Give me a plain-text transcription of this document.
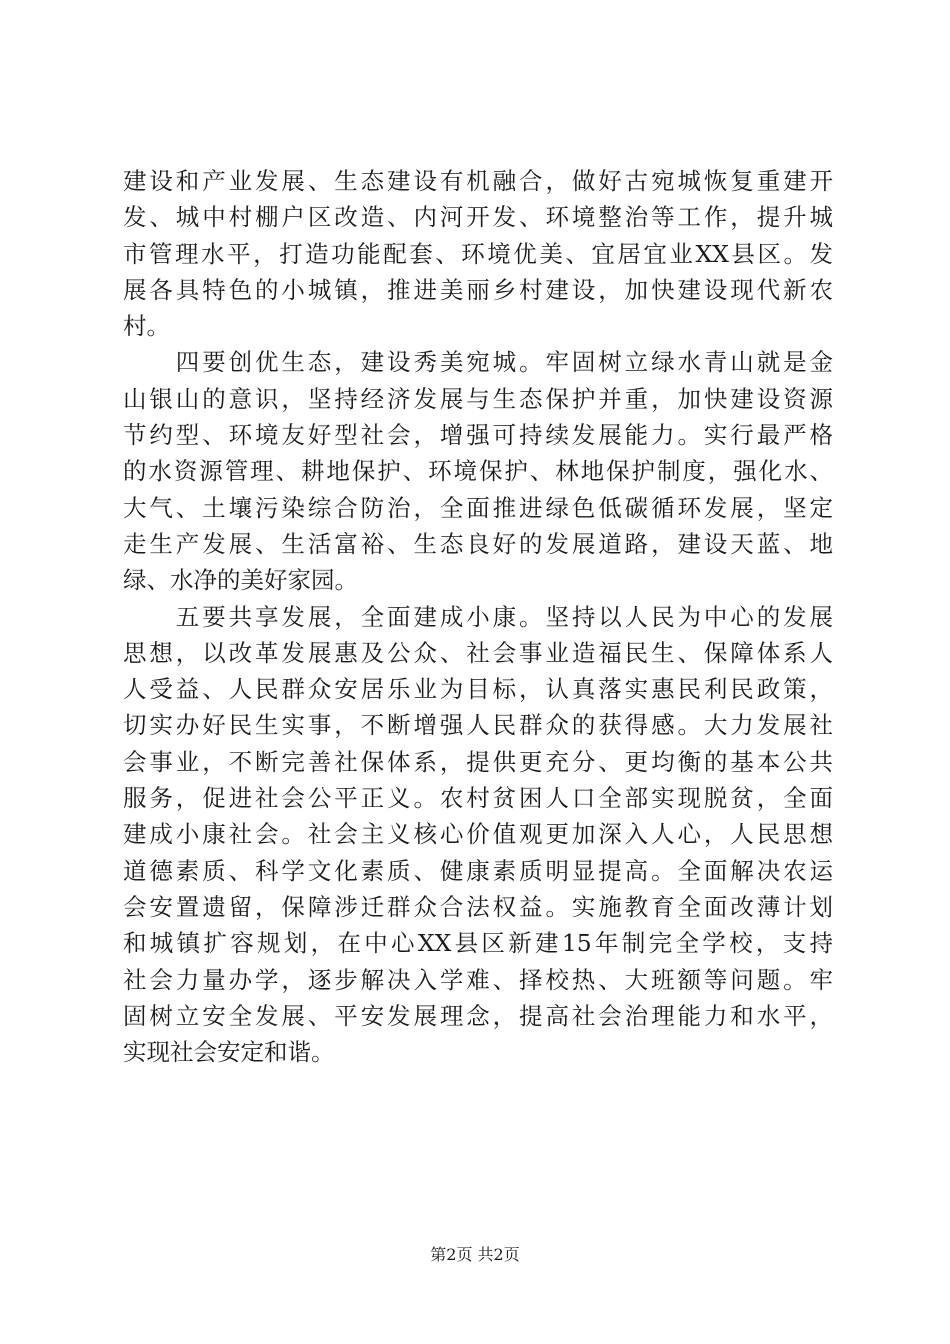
建设和产业发展、生态建设有机融合，做好古宛城恢复重建开
发、城中村棚户区改造、内河开发、环境整治等工作，提升城
市管理水平，打造功能配套、环境优美、宜居宜业XX县区。发
展各具特色的小城镇，推进美丽乡村建设，加快建设现代新农
村。
　　四要创优生态，建设秀美宛城。牢固树立绿水青山就是金
山银山的意识，坚持经济发展与生态保护并重，加快建设资源
节约型、环境友好型社会，增强可持续发展能力。实行最严格
的水资源管理、耕地保护、环境保护、林地保护制度，强化水、
大气、土壤污染综合防治，全面推进绿色低碳循环发展，坚定
走生产发展、生活富裕、生态良好的发展道路，建设天蓝、地
绿、水净的美好家园。
　　五要共享发展，全面建成小康。坚持以人民为中心的发展
思想，以改革发展惠及公众、社会事业造福民生、保障体系人
人受益、人民群众安居乐业为目标，认真落实惠民利民政策，
切实办好民生实事，不断增强人民群众的获得感。大力发展社
会事业，不断完善社保体系，提供更充分、更均衡的基本公共
服务，促进社会公平正义。农村贫困人口全部实现脱贫，全面
建成小康社会。社会主义核心价值观更加深入人心，人民思想
道德素质、科学文化素质、健康素质明显提高。全面解决农运
会安置遗留，保障涉迁群众合法权益。实施教育全面改薄计划
和城镇扩容规划，在中心XX县区新建15年制完全学校，支持
社会力量办学，逐步解决入学难、择校热、大班额等问题。牢
固树立安全发展、平安发展理念，提高社会治理能力和水平，
实现社会安定和谐。
第2页 共2页
